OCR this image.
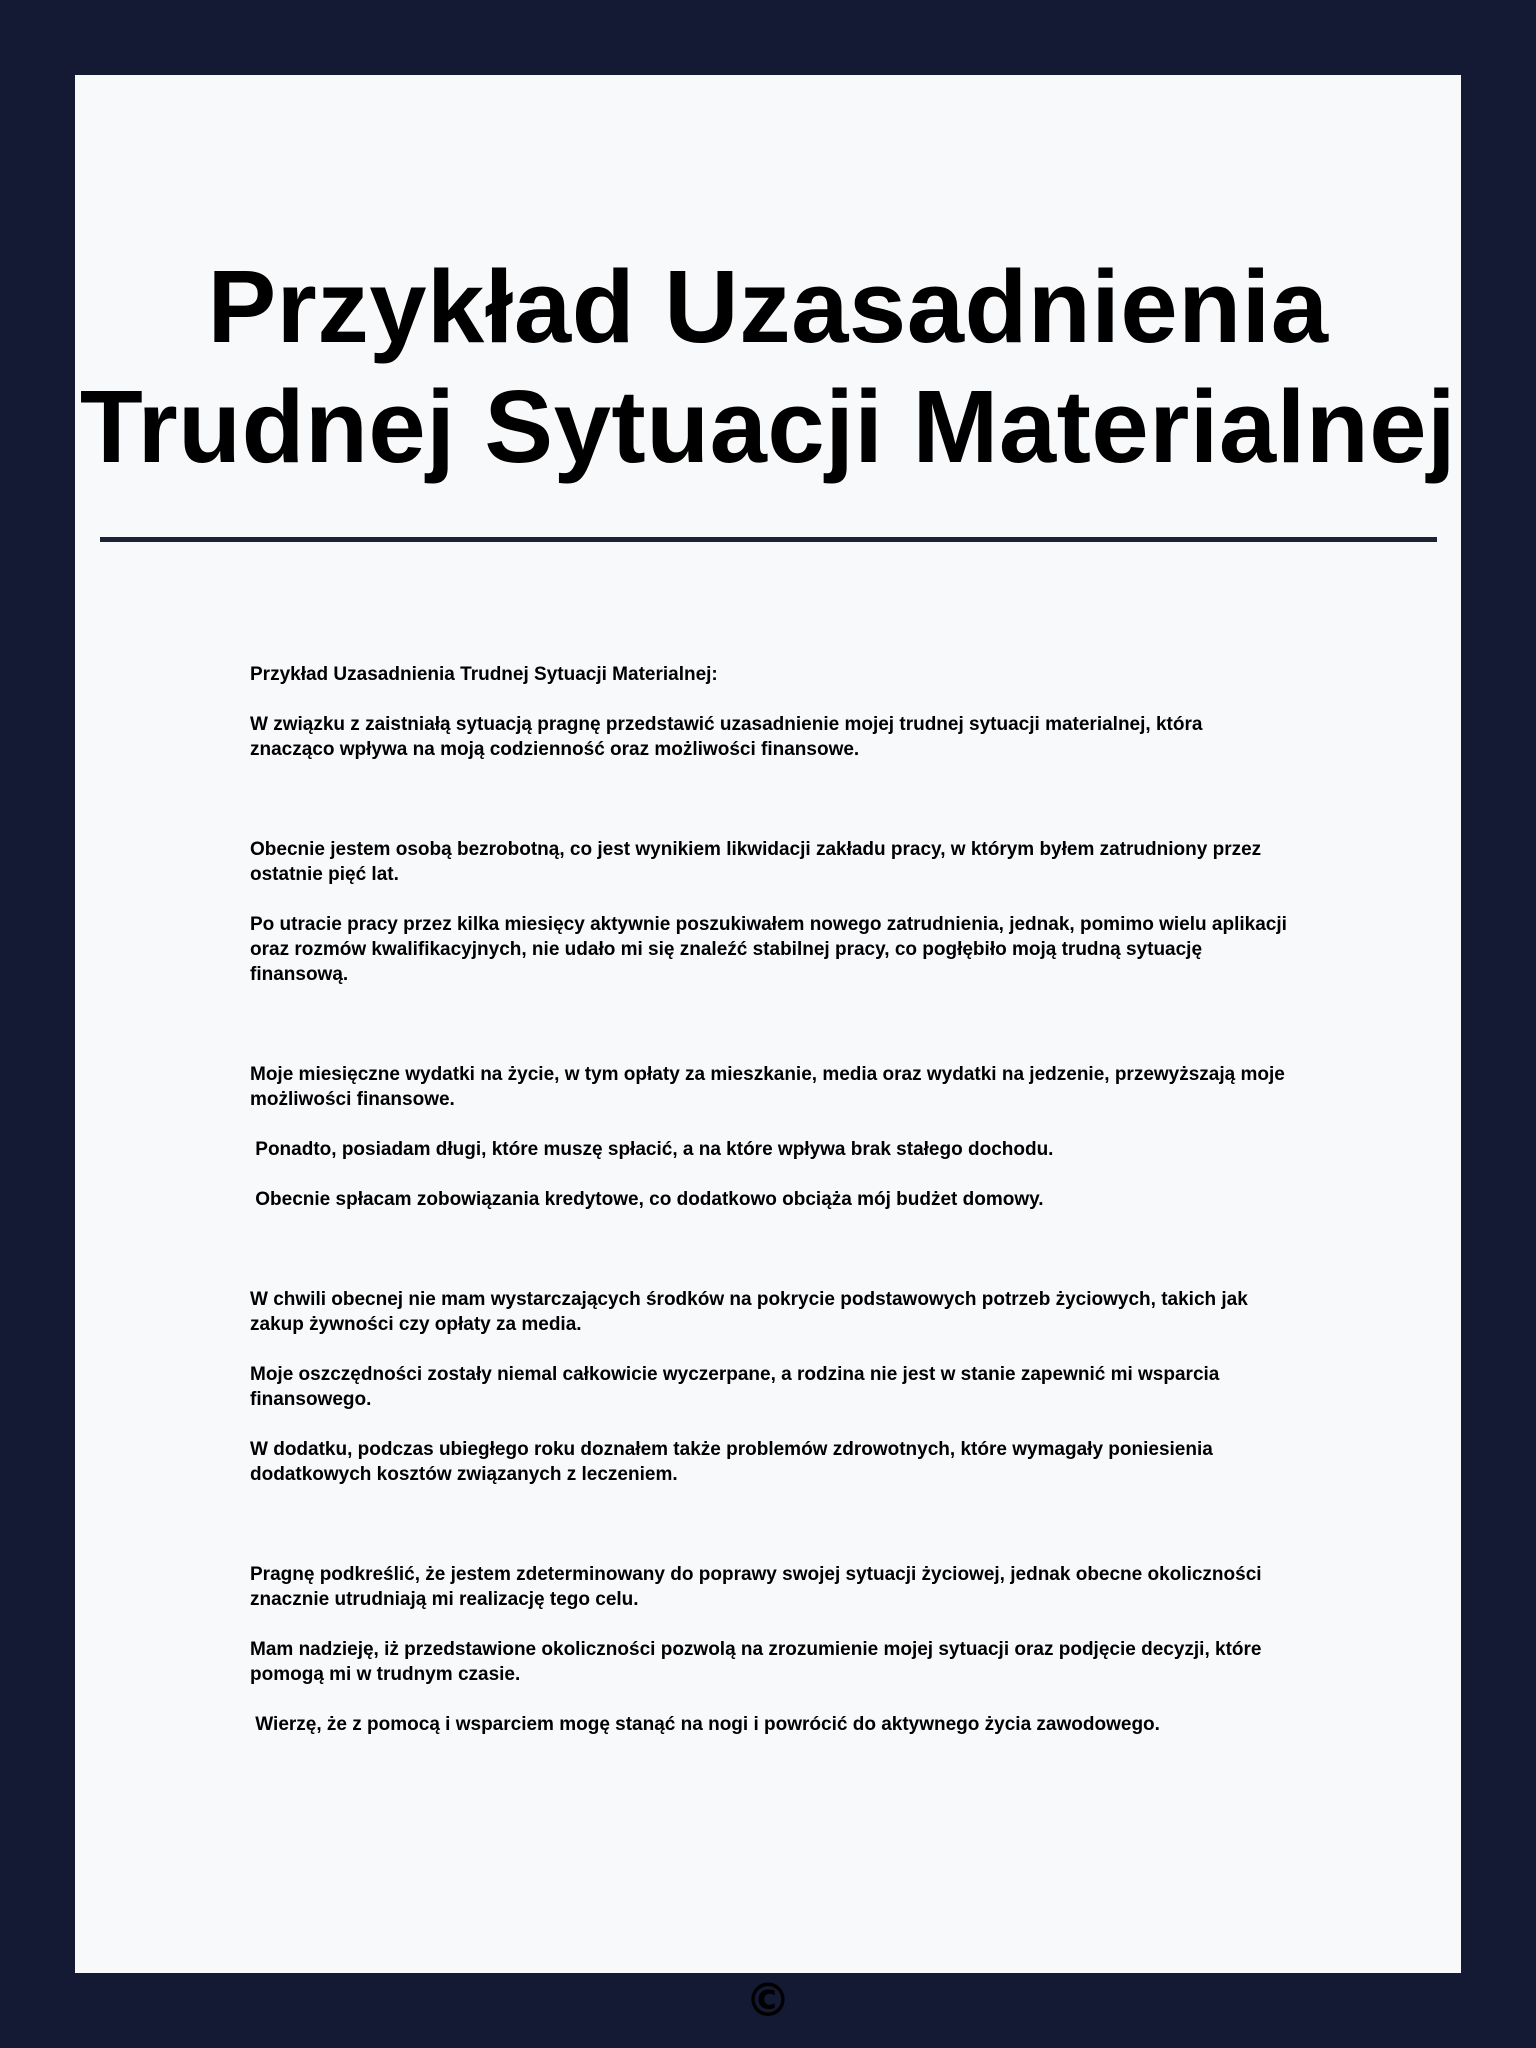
Przykład Uzasadnienia Trudnej Sytuacji Materialnej

Przykład Uzasadnienia Trudnej Sytuacji Materialnej:

W związku z zaistniałą sytuacją pragnę przedstawić uzasadnienie mojej trudnej sytuacji materialnej, która znacząco wpływa na moją codzienność oraz możliwości finansowe.

Obecnie jestem osobą bezrobotną, co jest wynikiem likwidacji zakładu pracy, w którym byłem zatrudniony przez ostatnie pięć lat.

Po utracie pracy przez kilka miesięcy aktywnie poszukiwałem nowego zatrudnienia, jednak, pomimo wielu aplikacji oraz rozmów kwalifikacyjnych, nie udało mi się znaleźć stabilnej pracy, co pogłębiło moją trudną sytuację finansową.

Moje miesięczne wydatki na życie, w tym opłaty za mieszkanie, media oraz wydatki na jedzenie, przewyższają moje możliwości finansowe.

Ponadto, posiadam długi, które muszę spłacić, a na które wpływa brak stałego dochodu.

Obecnie spłacam zobowiązania kredytowe, co dodatkowo obciąża mój budżet domowy.

W chwili obecnej nie mam wystarczających środków na pokrycie podstawowych potrzeb życiowych, takich jak zakup żywności czy opłaty za media.

Moje oszczędności zostały niemal całkowicie wyczerpane, a rodzina nie jest w stanie zapewnić mi wsparcia finansowego.

W dodatku, podczas ubiegłego roku doznałem także problemów zdrowotnych, które wymagały poniesienia dodatkowych kosztów związanych z leczeniem.

Pragnę podkreślić, że jestem zdeterminowany do poprawy swojej sytuacji życiowej, jednak obecne okoliczności znacznie utrudniają mi realizację tego celu.

Mam nadzieję, iż przedstawione okoliczności pozwolą na zrozumienie mojej sytuacji oraz podjęcie decyzji, które pomogą mi w trudnym czasie.

Wierzę, że z pomocą i wsparciem mogę stanąć na nogi i powrócić do aktywnego życia zawodowego.

©
